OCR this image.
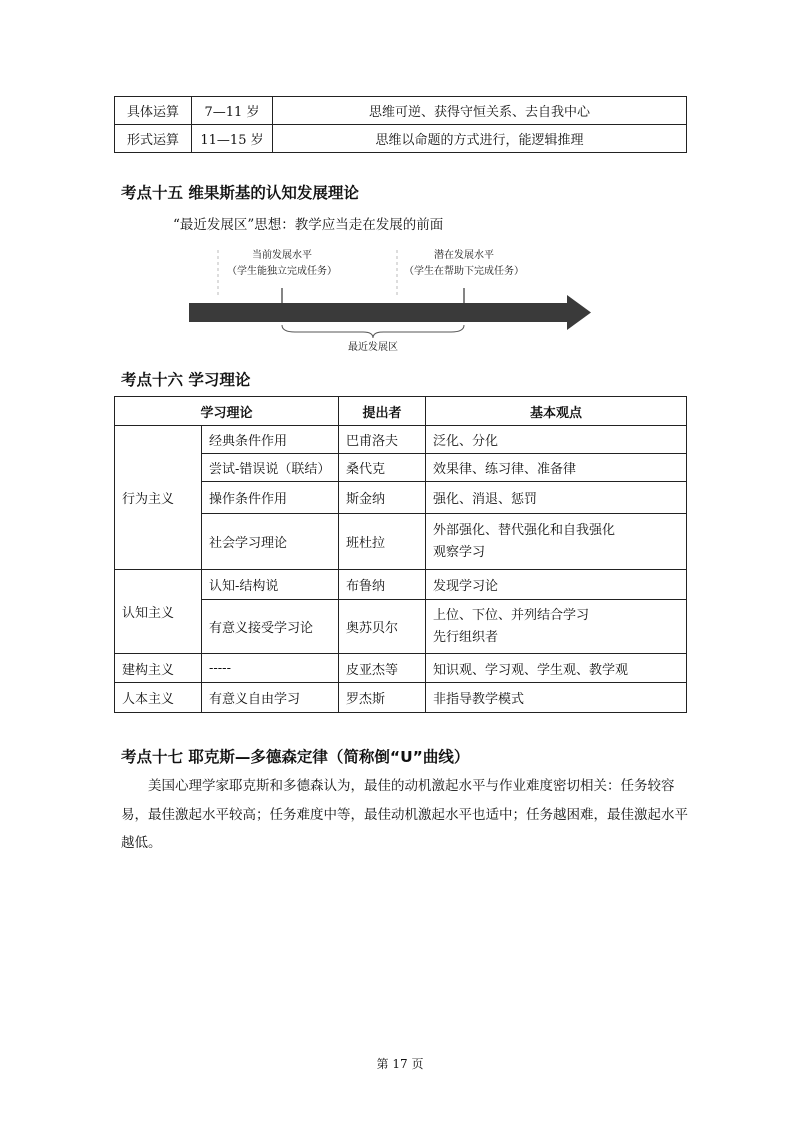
具体运算	7—11 岁	思维可逆、获得守恒关系、去自我中心
形式运算	11—15 岁	思维以命题的方式进行，能逻辑推理
考点十五 维果斯基的认知发展理论
“最近发展区”思想：教学应当走在发展的前面
当前发展水平
（学生能独立完成任务）
潜在发展水平
（学生在帮助下完成任务）
最近发展区
考点十六 学习理论
学习理论		提出者	基本观点
行为主义	经典条件作用	巴甫洛夫	泛化、分化
	尝试-错误说（联结）	桑代克	效果律、练习律、准备律
	操作条件作用	斯金纳	强化、消退、惩罚
	社会学习理论	班杜拉	外部强化、替代强化和自我强化
观察学习

认知主义	认知-结构说	布鲁纳	发现学习论
	有意义接受学习论	奥苏贝尔	上位、下位、并列结合学习
先行组织者

建构主义	-----	皮亚杰等	知识观、学习观、学生观、教学观
人本主义	有意义自由学习	罗杰斯	非指导教学模式
考点十七 耶克斯—多德森定律（简称倒“U”曲线）
美国心理学家耶克斯和多德森认为，最佳的动机激起水平与作业难度密切相关：任务较容易，最佳激起水平较高；任务难度中等，最佳动机激起水平也适中；任务越困难，最佳激起水平越低。
第 17 页
